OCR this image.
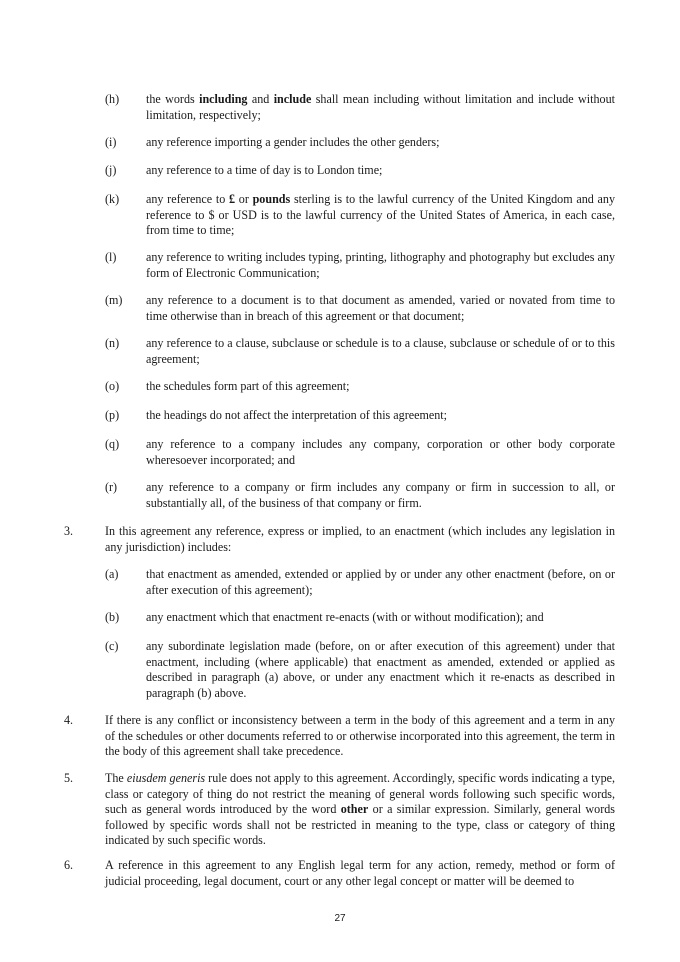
(h) the words including and include shall mean including without limitation and include without limitation, respectively;
(i) any reference importing a gender includes the other genders;
(j) any reference to a time of day is to London time;
(k) any reference to £ or pounds sterling is to the lawful currency of the United Kingdom and any reference to $ or USD is to the lawful currency of the United States of America, in each case, from time to time;
(l) any reference to writing includes typing, printing, lithography and photography but excludes any form of Electronic Communication;
(m) any reference to a document is to that document as amended, varied or novated from time to time otherwise than in breach of this agreement or that document;
(n) any reference to a clause, subclause or schedule is to a clause, subclause or schedule of or to this agreement;
(o) the schedules form part of this agreement;
(p) the headings do not affect the interpretation of this agreement;
(q) any reference to a company includes any company, corporation or other body corporate wheresoever incorporated; and
(r) any reference to a company or firm includes any company or firm in succession to all, or substantially all, of the business of that company or firm.
3.	In this agreement any reference, express or implied, to an enactment (which includes any legislation in any jurisdiction) includes:
(a) that enactment as amended, extended or applied by or under any other enactment (before, on or after execution of this agreement);
(b) any enactment which that enactment re-enacts (with or without modification); and
(c) any subordinate legislation made (before, on or after execution of this agreement) under that enactment, including (where applicable) that enactment as amended, extended or applied as described in paragraph (a) above, or under any enactment which it re-enacts as described in paragraph (b) above.
4.	If there is any conflict or inconsistency between a term in the body of this agreement and a term in any of the schedules or other documents referred to or otherwise incorporated into this agreement, the term in the body of this agreement shall take precedence.
5.	The eiusdem generis rule does not apply to this agreement. Accordingly, specific words indicating a type, class or category of thing do not restrict the meaning of general words following such specific words, such as general words introduced by the word other or a similar expression. Similarly, general words followed by specific words shall not be restricted in meaning to the type, class or category of thing indicated by such specific words.
6.	A reference in this agreement to any English legal term for any action, remedy, method or form of judicial proceeding, legal document, court or any other legal concept or matter will be deemed to
27
